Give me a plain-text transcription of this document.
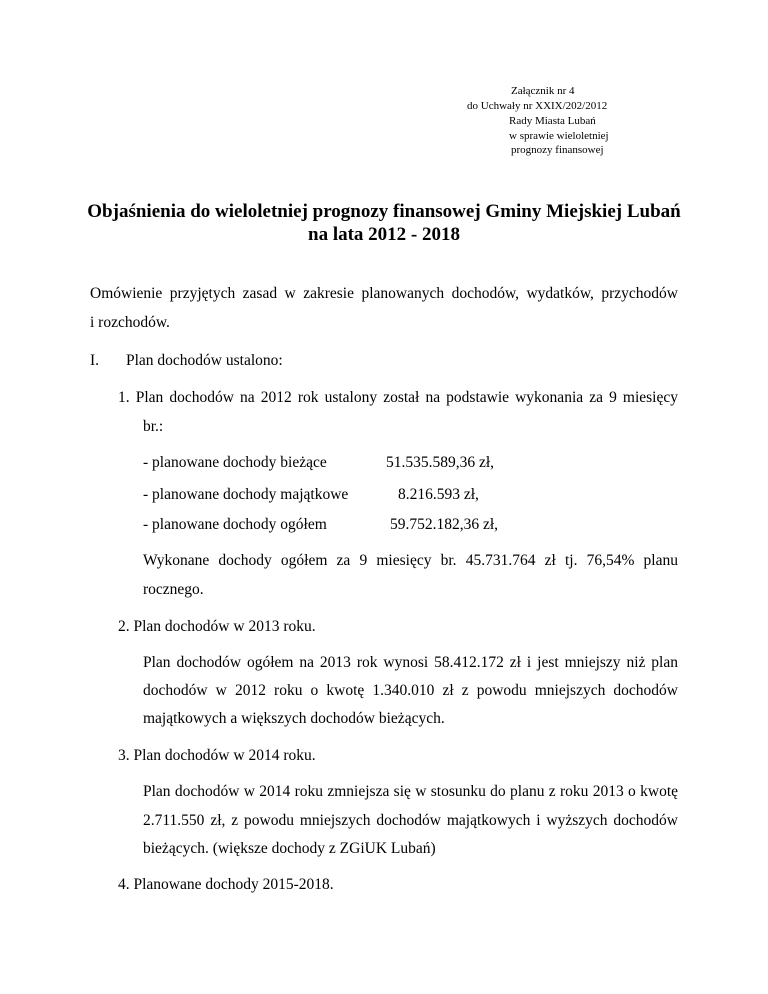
Załącznik nr 4
do Uchwały nr XXIX/202/2012
Rady Miasta Lubań
w sprawie wieloletniej
prognozy finansowej
Objaśnienia do wieloletniej prognozy finansowej Gminy Miejskiej Lubań
na lata 2012 - 2018
Omówienie przyjętych zasad w zakresie planowanych dochodów, wydatków, przychodów
i rozchodów.
I. Plan dochodów ustalono:
1. Plan dochodów na 2012 rok ustalony został na podstawie wykonania za 9 miesięcy
br.:
- planowane dochody bieżące	51.535.589,36 zł,
- planowane dochody majątkowe	8.216.593 zł,
- planowane dochody ogółem	59.752.182,36 zł,
Wykonane dochody ogółem za 9 miesięcy br. 45.731.764 zł tj. 76,54% planu
rocznego.
2. Plan dochodów w 2013 roku.
Plan dochodów ogółem na 2013 rok wynosi 58.412.172 zł i jest mniejszy niż plan
dochodów w 2012 roku o kwotę 1.340.010 zł z powodu mniejszych dochodów
majątkowych a większych dochodów bieżących.
3. Plan dochodów w 2014 roku.
Plan dochodów w 2014 roku zmniejsza się w stosunku do planu z roku 2013 o kwotę
2.711.550 zł, z powodu mniejszych dochodów majątkowych i wyższych dochodów
bieżących. (większe dochody z ZGiUK Lubań)
4. Planowane dochody 2015-2018.
